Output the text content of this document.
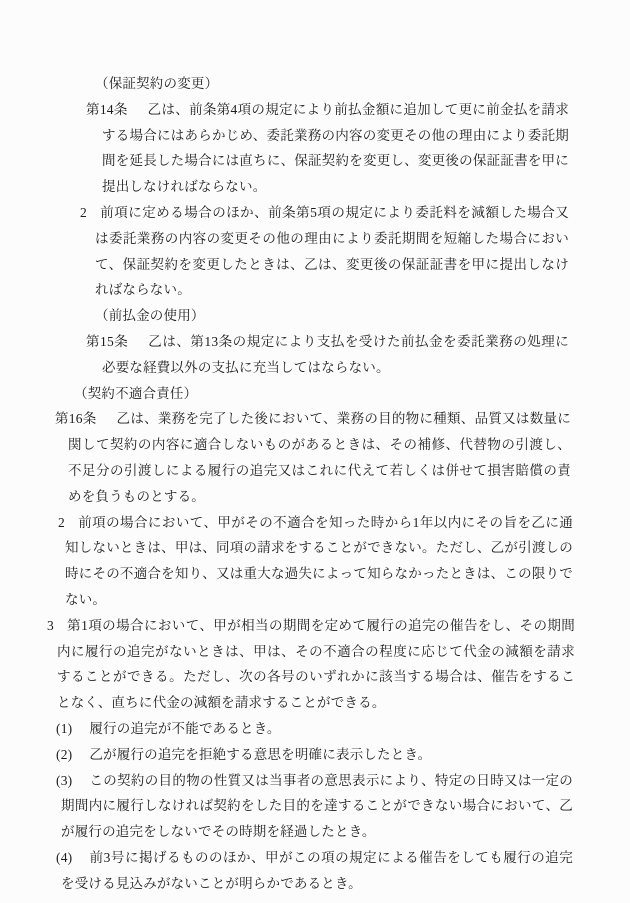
（保証契約の変更）

第14条 乙は、前条第4項の規定により前払金額に追加して更に前金払を請求する場合にはあらかじめ、委託業務の内容の変更その他の理由により委託期間を延長した場合には直ちに、保証契約を変更し、変更後の保証証書を甲に提出しなければならない。

2 前項に定める場合のほか、前条第5項の規定により委託料を減額した場合又は委託業務の内容の変更その他の理由により委託期間を短縮した場合において、保証契約を変更したときは、乙は、変更後の保証証書を甲に提出しなければならない。

（前払金の使用）

第15条 乙は、第13条の規定により支払を受けた前払金を委託業務の処理に必要な経費以外の支払に充当してはならない。

（契約不適合責任）

第16条 乙は、業務を完了した後において、業務の目的物に種類、品質又は数量に関して契約の内容に適合しないものがあるときは、その補修、代替物の引渡し、不足分の引渡しによる履行の追完又はこれに代えて若しくは併せて損害賠償の責めを負うものとする。

2 前項の場合において、甲がその不適合を知った時から1年以内にその旨を乙に通知しないときは、甲は、同項の請求をすることができない。ただし、乙が引渡しの時にその不適合を知り、又は重大な過失によって知らなかったときは、この限りでない。

3 第1項の場合において、甲が相当の期間を定めて履行の追完の催告をし、その期間内に履行の追完がないときは、甲は、その不適合の程度に応じて代金の減額を請求することができる。ただし、次の各号のいずれかに該当する場合は、催告をすることなく、直ちに代金の減額を請求することができる。

(1) 履行の追完が不能であるとき。

(2) 乙が履行の追完を拒絶する意思を明確に表示したとき。

(3) この契約の目的物の性質又は当事者の意思表示により、特定の日時又は一定の期間内に履行しなければ契約をした目的を達することができない場合において、乙が履行の追完をしないでその時期を経過したとき。

(4) 前3号に掲げるもののほか、甲がこの項の規定による催告をしても履行の追完を受ける見込みがないことが明らかであるとき。
